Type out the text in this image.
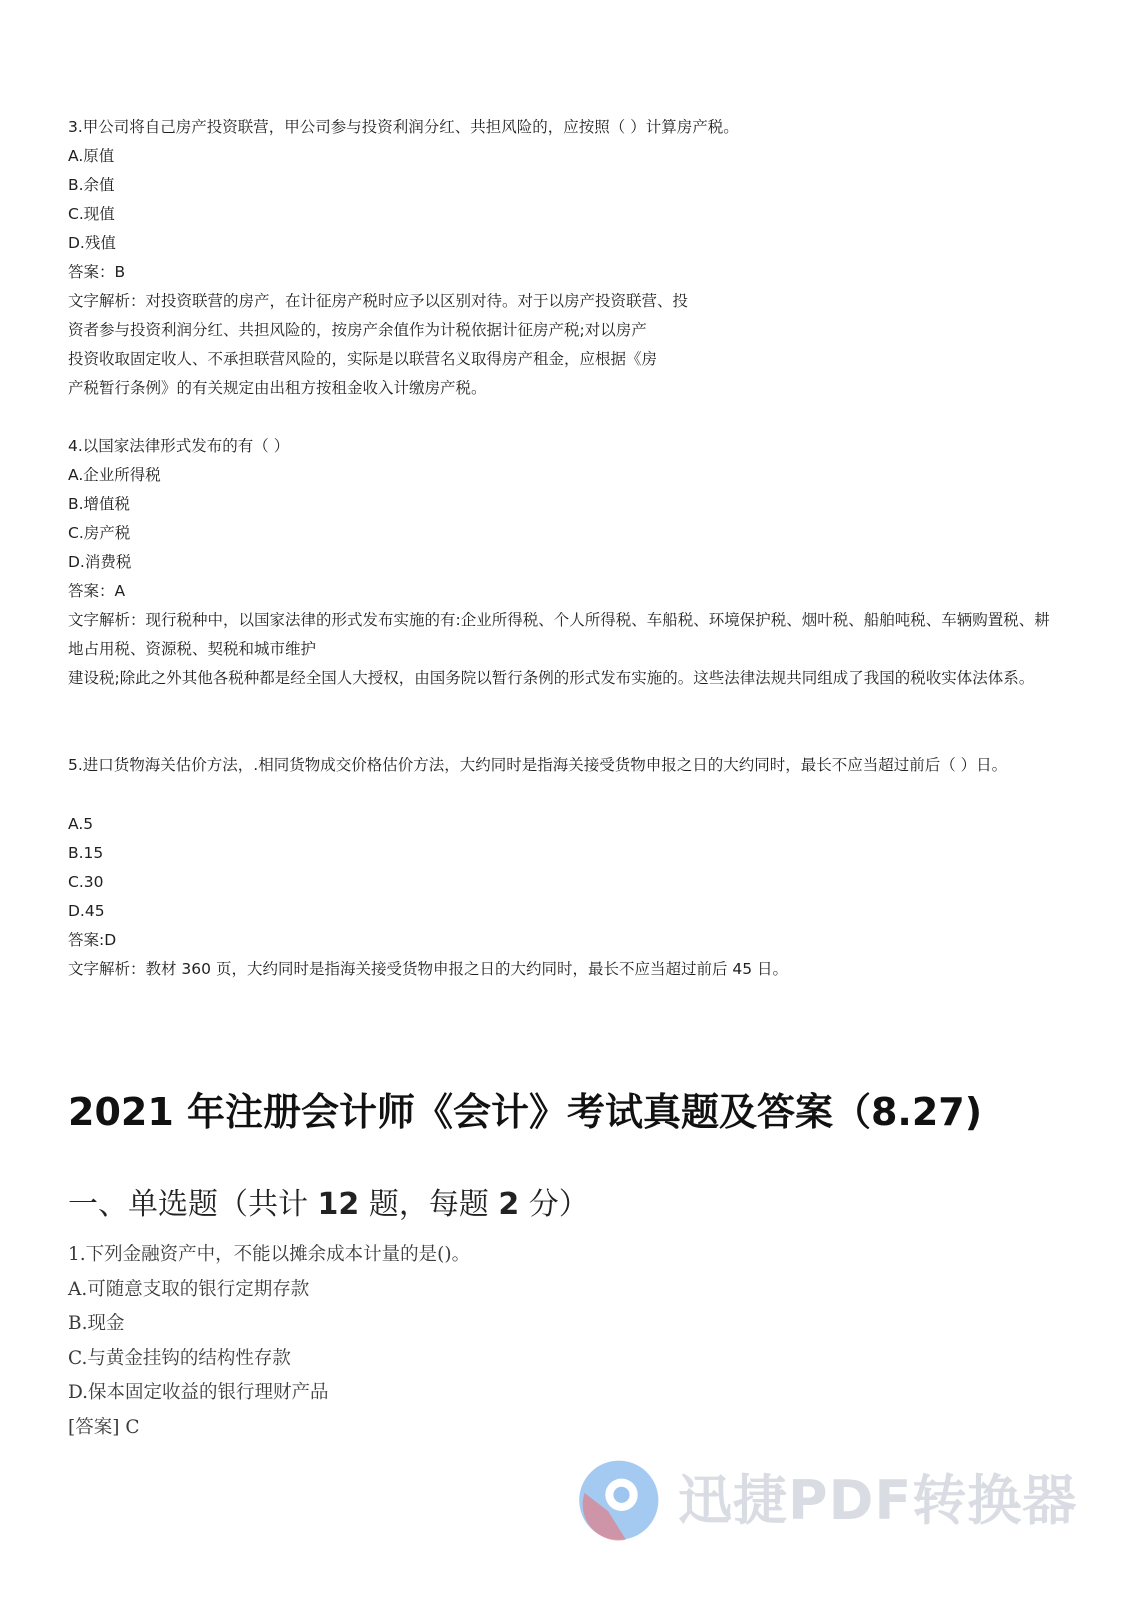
3.甲公司将自己房产投资联营，甲公司参与投资利润分红、共担风险的，应按照（ ）计算房产税。
A.原值
B.余值
C.现值
D.残值
答案：B
文字解析：对投资联营的房产，在计征房产税时应予以区别对待。对于以房产投资联营、投
资者参与投资利润分红、共担风险的，按房产余值作为计税依据计征房产税;对以房产
投资收取固定收人、不承担联营风险的，实际是以联营名义取得房产租金，应根据《房
产税暂行条例》的有关规定由出租方按租金收入计缴房产税。
4.以国家法律形式发布的有（ ）
A.企业所得税
B.增值税
C.房产税
D.消费税
答案：A
文字解析：现行税种中，以国家法律的形式发布实施的有:企业所得税、个人所得税、车船税、环境保护税、烟叶税、船舶吨税、车辆购置税、耕地占用税、资源税、契税和城市维护
建设税;除此之外其他各税种都是经全国人大授权，由国务院以暂行条例的形式发布实施的。这些法律法规共同组成了我国的税收实体法体系。
5.进口货物海关估价方法，.相同货物成交价格估价方法，大约同时是指海关接受货物申报之日的大约同时，最长不应当超过前后（ ）日。
A.5
B.15
C.30
D.45
答案:D
文字解析：教材 360 页，大约同时是指海关接受货物申报之日的大约同时，最长不应当超过前后 45 日。
2021 年注册会计师《会计》考试真题及答案（8.27)
一、单选题（共计 12 题，每题 2 分）
1.下列金融资产中，不能以摊余成本计量的是()。
A.可随意支取的银行定期存款
B.现金
C.与黄金挂钩的结构性存款
D.保本固定收益的银行理财产品
[答案] C
迅捷PDF转换器
